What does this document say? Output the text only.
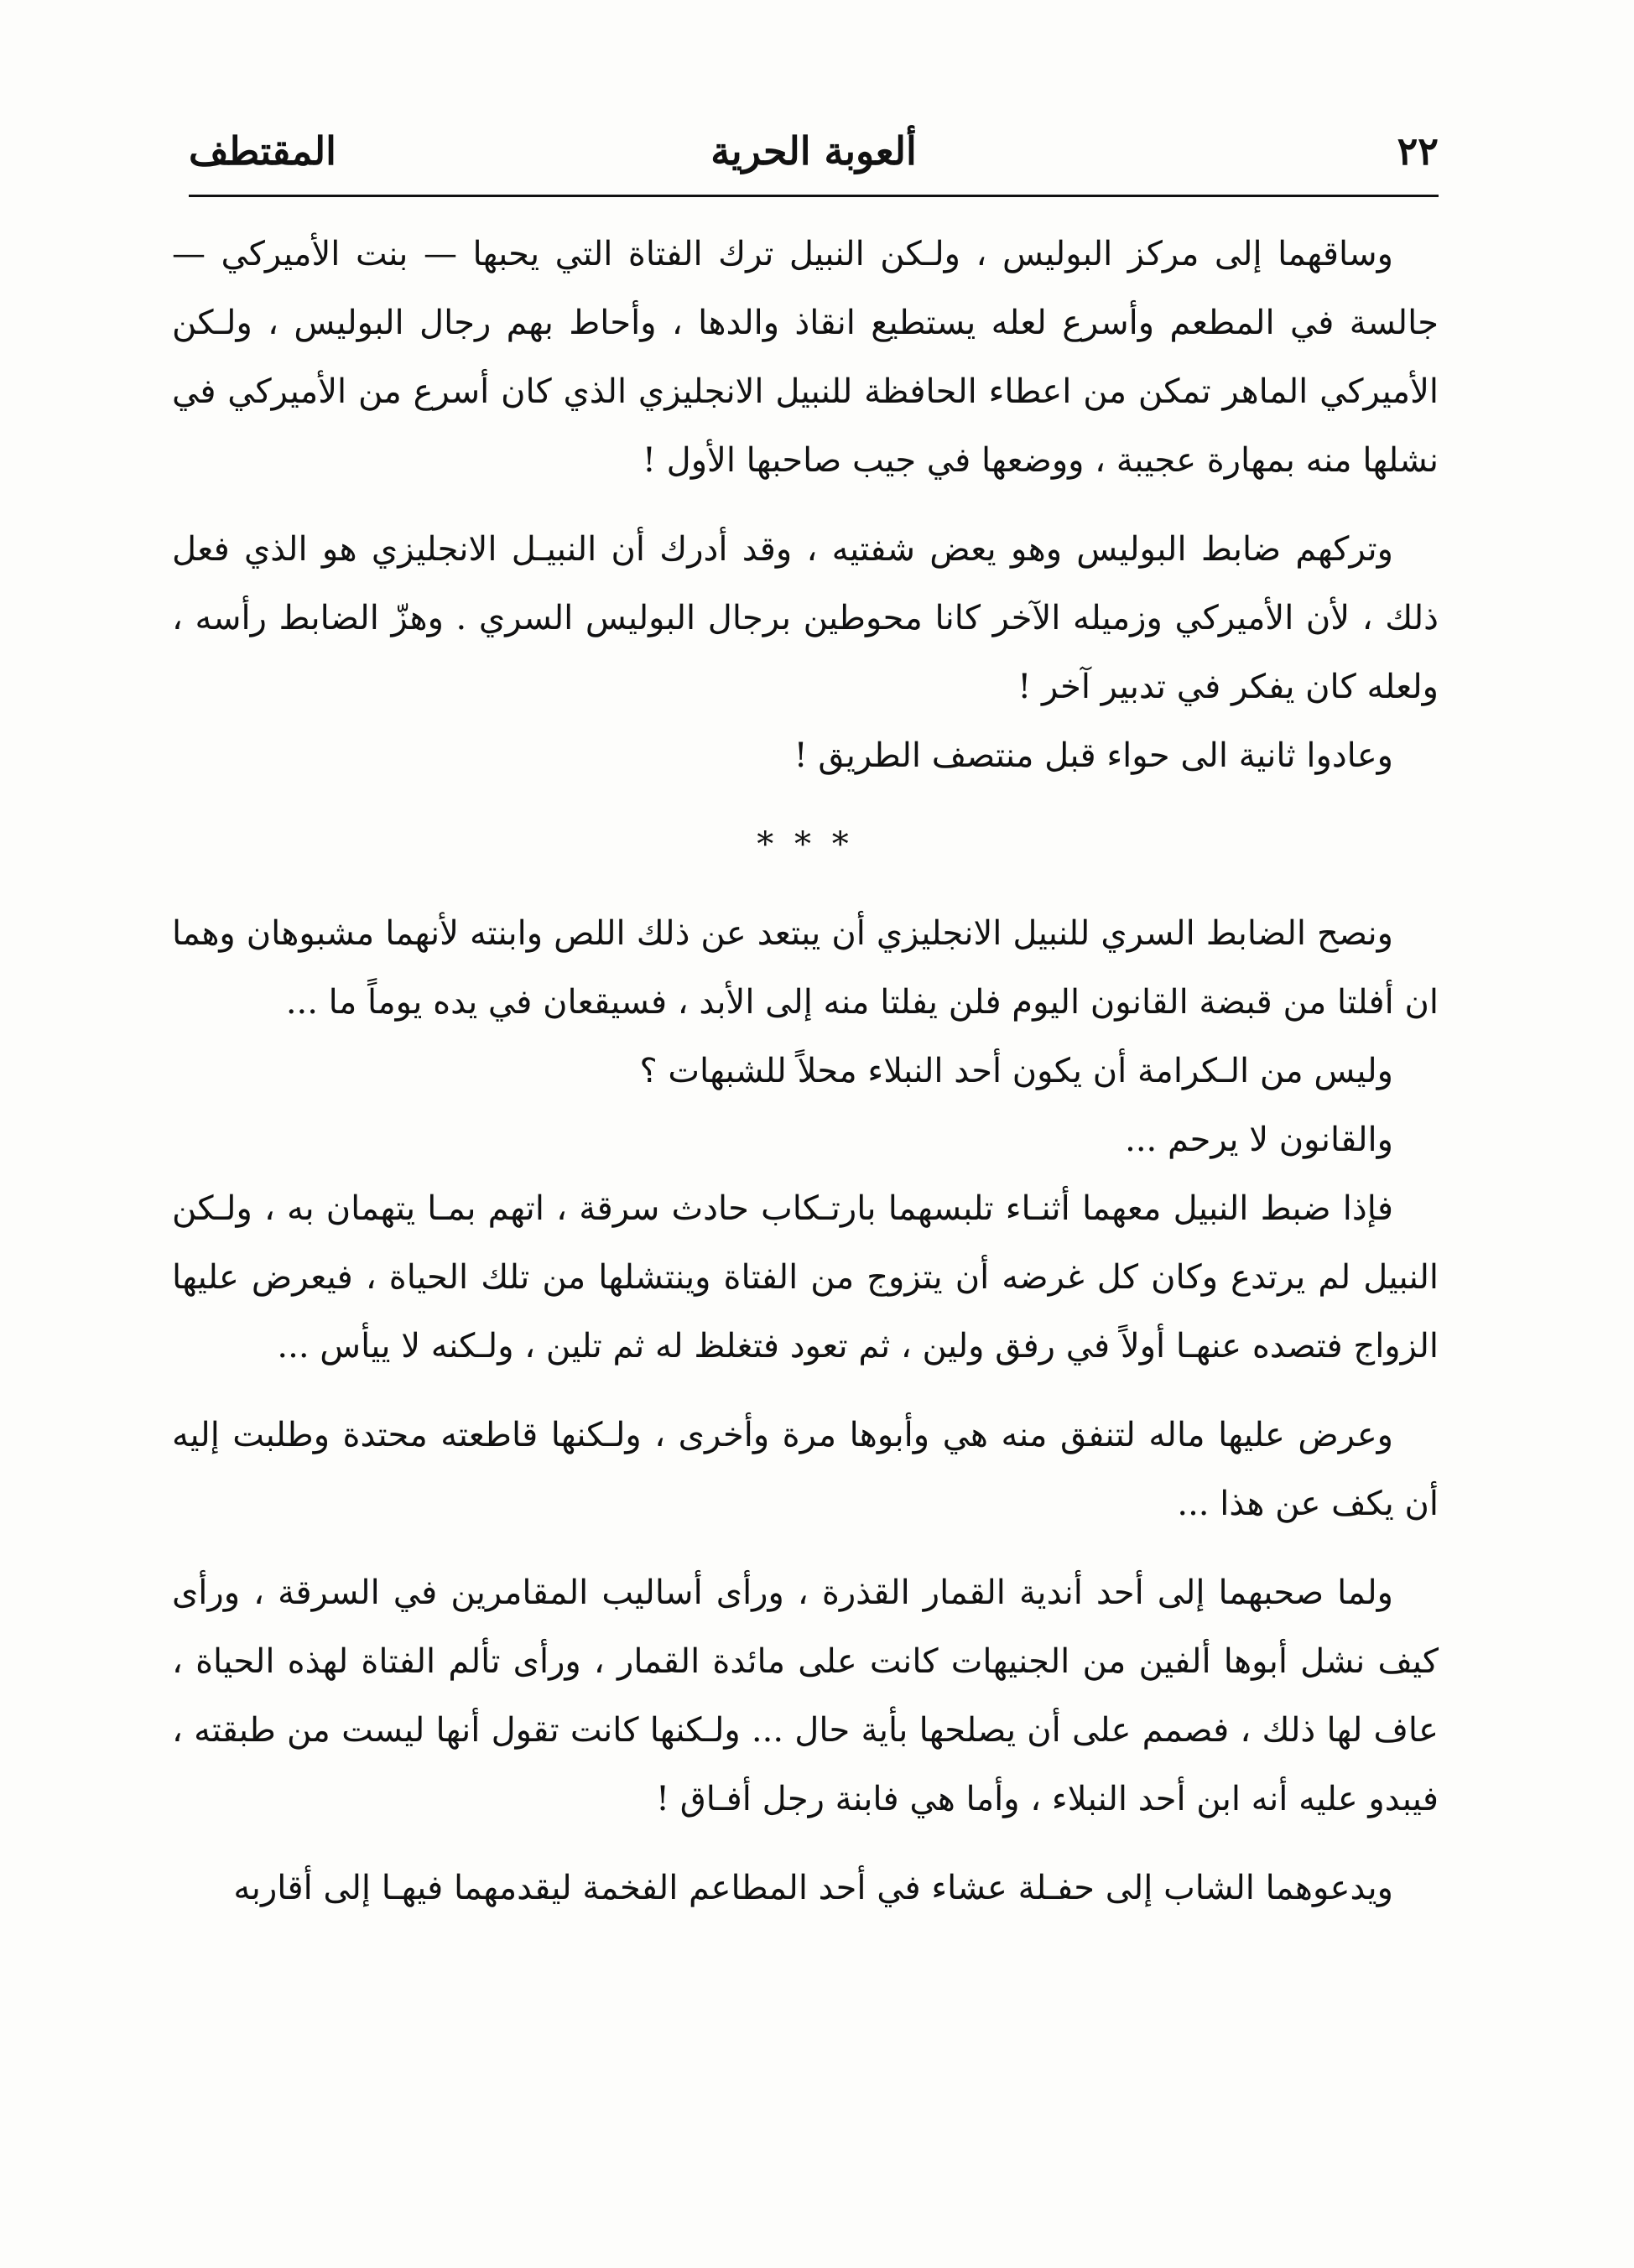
٢٢
ألعوبة الحرية
المقتطف

وساقهما إلى مركز البوليس ، ولـكن النبيل ترك الفتاة التي يحبها — بنت الأميركي — جالسة في المطعم وأسرع لعله يستطيع انقاذ والدها ، وأحاط بهم رجال البوليس ، ولـكن الأميركي الماهر تمكن من اعطاء الحافظة للنبيل الانجليزي الذي كان أسرع من الأميركي في نشلها منه بمهارة عجيبة ، ووضعها في جيب صاحبها الأول !

وتركهم ضابط البوليس وهو يعض شفتيه ، وقد أدرك أن النبيـل الانجليزي هو الذي فعل ذلك ، لأن الأميركي وزميله الآخر كانا محوطين برجال البوليس السري . وهزّ الضابط رأسه ، ولعله كان يفكر في تدبير آخر !

وعادوا ثانية الى حواء قبل منتصف الطريق !

* * *

ونصح الضابط السري للنبيل الانجليزي أن يبتعد عن ذلك اللص وابنته لأنهما مشبوهان وهما ان أفلتا من قبضة القانون اليوم فلن يفلتا منه إلى الأبد ، فسيقعان في يده يوماً ما ...

وليس من الـكرامة أن يكون أحد النبلاء محلاً للشبهات ؟

والقانون لا يرحم ...

فإذا ضبط النبيل معهما أثنـاء تلبسهما بارتـكاب حادث سرقة ، اتهم بمـا يتهمان به ، ولـكن النبيل لم يرتدع وكان كل غرضه أن يتزوج من الفتاة وينتشلها من تلك الحياة ، فيعرض عليها الزواج فتصده عنهـا أولاً في رفق ولين ، ثم تعود فتغلظ له ثم تلين ، ولـكنه لا ييأس ...

وعرض عليها ماله لتنفق منه هي وأبوها مرة وأخرى ، ولـكنها قاطعته محتدة وطلبت إليه أن يكف عن هذا ...

ولما صحبهما إلى أحد أندية القمار القذرة ، ورأى أساليب المقامرين في السرقة ، ورأى كيف نشل أبوها ألفين من الجنيهات كانت على مائدة القمار ، ورأى تألم الفتاة لهذه الحياة ، عاف لها ذلك ، فصمم على أن يصلحها بأية حال ... ولـكنها كانت تقول أنها ليست من طبقته ، فيبدو عليه أنه ابن أحد النبلاء ، وأما هي فابنة رجل أفـاق !

ويدعوهما الشاب إلى حفـلة عشاء في أحد المطاعم الفخمة ليقدمهما فيهـا إلى أقاربه
